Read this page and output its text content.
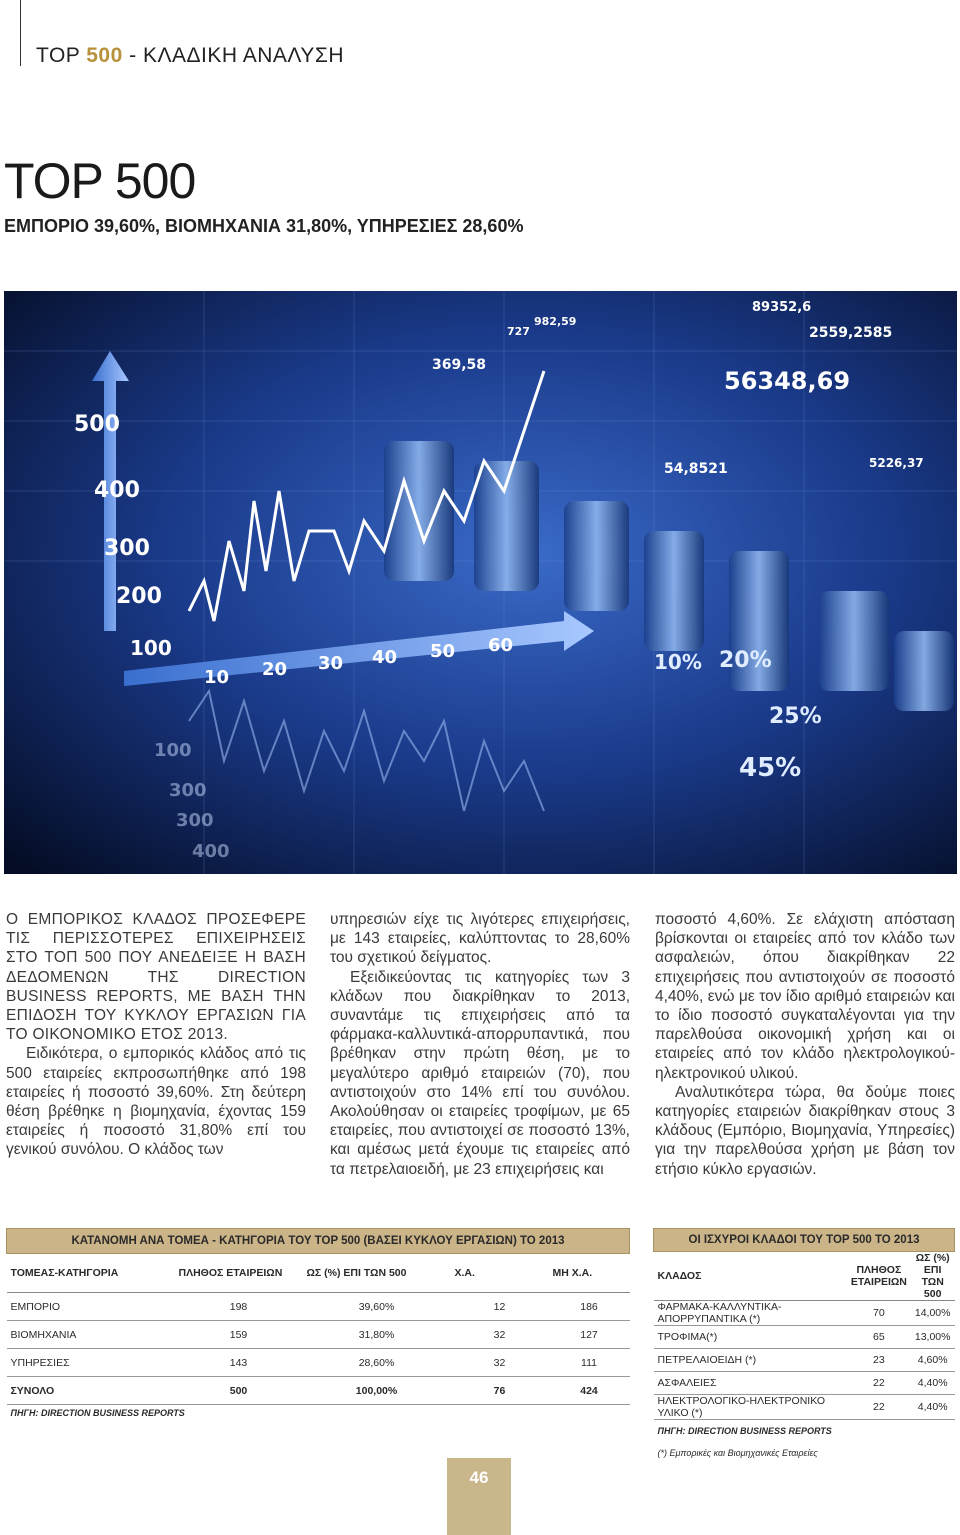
TOP 500 - ΚΛΑΔΙΚΗ ΑΝΑΛΥΣΗ
TOP 500
ΕΜΠΟΡΙΟ 39,60%, ΒΙΟΜΗΧΑΝΙΑ 31,80%, ΥΠΗΡΕΣΙΕΣ 28,60%
500
400
300
200
100
10 20 30 40 50 60
10% 20%
25%
45%
56348,69
2559,2585
89352,6
5226,37
54,8521
369,58
982,59
727
100
300
300
400

Ο ΕΜΠΟΡΙΚΟΣ ΚΛΑΔΟΣ ΠΡΟΣΕΦΕΡΕ ΤΙΣ ΠΕΡΙΣΣΟΤΕΡΕΣ ΕΠΙΧΕΙΡΗΣΕΙΣ ΣΤΟ ΤΟΠ 500 ΠΟΥ ΑΝΕΔΕΙΞΕ Η ΒΑΣΗ ΔΕΔΟΜΕΝΩΝ ΤΗΣ DIRECTION BUSINESS REPORTS, ΜΕ ΒΑΣΗ ΤΗΝ ΕΠΙΔΟΣΗ ΤΟΥ ΚΥΚΛΟΥ ΕΡΓΑΣΙΩΝ ΓΙΑ ΤΟ ΟΙΚΟΝΟΜΙΚΟ ΕΤΟΣ 2013.

Ειδικότερα, ο εμπορικός κλάδος από τις 500 εταιρείες εκπροσωπήθηκε από 198 εταιρείες ή ποσοστό 39,60%. Στη δεύτερη θέση βρέθηκε η βιομηχανία, έχοντας 159 εταιρείες ή ποσοστό 31,80% επί του γενικού συνόλου. Ο κλάδος των

υπηρεσιών είχε τις λιγότερες επιχειρήσεις, με 143 εταιρείες, καλύπτοντας το 28,60% του σχετικού δείγματος.

Εξειδικεύοντας τις κατηγορίες των 3 κλάδων που διακρίθηκαν το 2013, συναντάμε τις επιχειρήσεις από τα φάρμακα-καλλυντικά-απορρυπαντικά, που βρέθηκαν στην πρώτη θέση, με το μεγαλύτερο αριθμό εταιρειών (70), που αντιστοιχούν στο 14% επί του συνόλου. Ακολούθησαν οι εταιρείες τροφίμων, με 65 εταιρείες, που αντιστοιχεί σε ποσοστό 13%, και αμέσως μετά έχουμε τις εταιρείες από τα πετρελαιοειδή, με 23 επιχειρήσεις και

ποσοστό 4,60%. Σε ελάχιστη απόσταση βρίσκονται οι εταιρείες από τον κλάδο των ασφαλειών, όπου διακρίθηκαν 22 επιχειρήσεις που αντιστοιχούν σε ποσοστό 4,40%, ενώ με τον ίδιο αριθμό εταιρειών και το ίδιο ποσοστό συγκαταλέγονται για την παρελθούσα οικονομική χρήση και οι εταιρείες από τον κλάδο ηλεκτρολογικού-ηλεκτρονικού υλικού.

Αναλυτικότερα τώρα, θα δούμε ποιες κατηγορίες εταιρειών διακρίθηκαν στους 3 κλάδους (Εμπόριο, Βιομηχανία, Υπηρεσίες) για την παρελθούσα χρήση με βάση τον ετήσιο κύκλο εργασιών.

ΚΑΤΑΝΟΜΗ ΑΝΑ ΤΟΜΕΑ - ΚΑΤΗΓΟΡΙΑ ΤΟΥ TOP 500 (ΒΑΣΕΙ ΚΥΚΛΟΥ ΕΡΓΑΣΙΩΝ) ΤΟ 2013				
ΤΟΜΕΑΣ-ΚΑΤΗΓΟΡΙΑ	ΠΛΗΘΟΣ ΕΤΑΙΡΕΙΩΝ	ΩΣ (%) ΕΠΙ ΤΩΝ 500	Χ.Α.	ΜΗ Χ.Α.
ΕΜΠΟΡΙΟ	198	39,60%	12	186
ΒΙΟΜΗΧΑΝΙΑ	159	31,80%	32	127
ΥΠΗΡΕΣΙΕΣ	143	28,60%	32	111
ΣΥΝΟΛΟ	500	100,00%	76	424
ΠΗΓΗ: DIRECTION BUSINESS REPORTS				
ΟΙ ΙΣΧΥΡΟΙ ΚΛΑΔΟΙ ΤΟΥ TOP 500 ΤΟ 2013		
ΚΛΑΔΟΣ	ΠΛΗΘΟΣ ΕΤΑΙΡΕΙΩΝ	ΩΣ (%) ΕΠΙ ΤΩΝ 500
ΦΑΡΜΑΚΑ-ΚΑΛΛΥΝΤΙΚΑ-ΑΠΟΡΡΥΠΑΝΤΙΚΑ (*)	70	14,00%
ΤΡΟΦΙΜΑ(*)	65	13,00%
ΠΕΤΡΕΛΑΙΟΕΙΔΗ (*)	23	4,60%
ΑΣΦΑΛΕΙΕΣ	22	4,40%
ΗΛΕΚΤΡΟΛΟΓΙΚΟ-ΗΛΕΚΤΡΟΝΙΚΟ ΥΛΙΚΟ (*)	22	4,40%
ΠΗΓΗ: DIRECTION BUSINESS REPORTS		
(*) Εμπορικές και Βιομηχανικές Εταιρείες		
46
